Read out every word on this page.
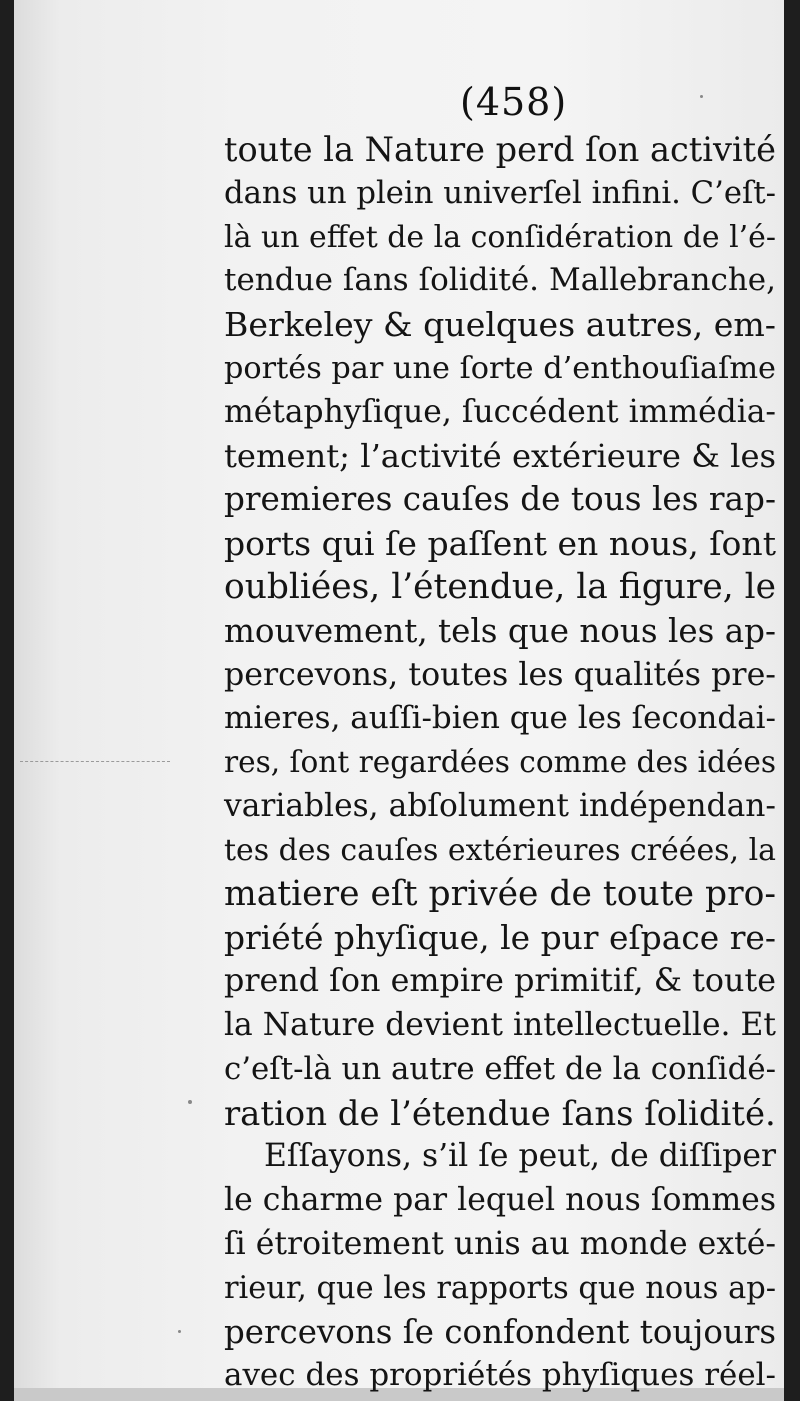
(458)
toute la Nature perd ſon activité
dans un plein univerſel infini. C’eſt-
là un effet de la conſidération de l’é-
tendue ſans ſolidité. Mallebranche,
Berkeley & quelques autres, em-
portés par une ſorte d’enthouſiaſme
métaphyſique, ſuccédent immédia-
tement; l’activité extérieure & les
premieres cauſes de tous les rap-
ports qui ſe paſſent en nous, ſont
oubliées, l’étendue, la figure, le
mouvement, tels que nous les ap-
percevons, toutes les qualités pre-
mieres, auſſi-bien que les ſecondai-
res, ſont regardées comme des idées
variables, abſolument indépendan-
tes des cauſes extérieures créées, la
matiere eſt privée de toute pro-
priété phyſique, le pur eſpace re-
prend ſon empire primitif, & toute
la Nature devient intellectuelle. Et
c’eſt-là un autre effet de la conſidé-
ration de l’étendue ſans ſolidité.
Eſſayons, s’il ſe peut, de diſſiper
le charme par lequel nous ſommes
ſi étroitement unis au monde exté-
rieur, que les rapports que nous ap-
percevons ſe confondent toujours
avec des propriétés phyſiques réel-
